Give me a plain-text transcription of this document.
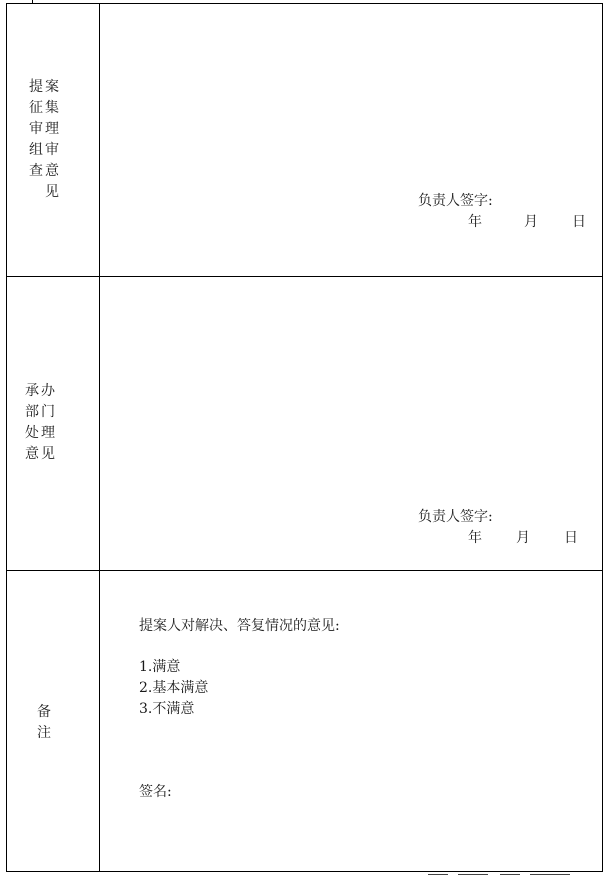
提
征
审
组
查
案
集
理
审
意
见
负责人签字:
年	月 日
承办
部门
处理
意见
负责人签字:
年 月 日
备
注
提案人对解决、答复情况的意见:
1.满意
2.基本满意
3.不满意
签名:
